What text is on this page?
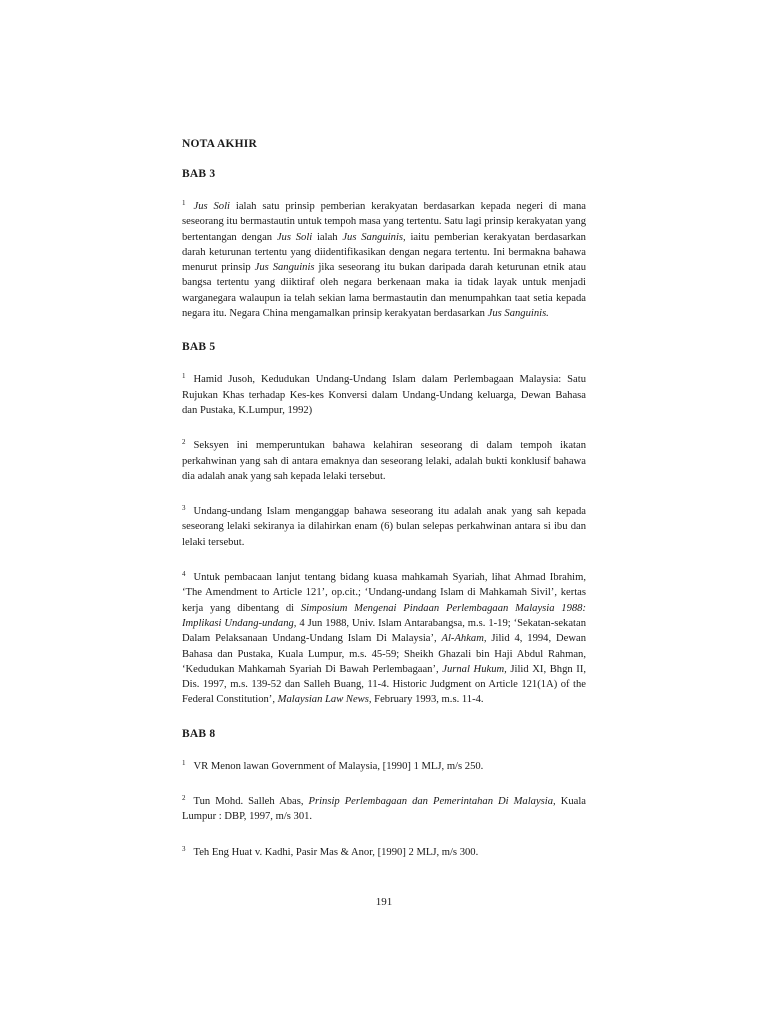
NOTA AKHIR
BAB 3

$^1$ Jus Soli ialah satu prinsip pemberian kerakyatan berdasarkan kepada negeri di mana seseorang itu bermastautin untuk tempoh masa yang tertentu. Satu lagi prinsip kerakyatan yang bertentangan dengan Jus Soli ialah Jus Sanguinis, iaitu pemberian kerakyatan berdasarkan darah keturunan tertentu yang diidentifikasikan dengan negara tertentu. Ini bermakna bahawa menurut prinsip Jus Sanguinis jika seseorang itu bukan daripada darah keturunan etnik atau bangsa tertentu yang diiktiraf oleh negara berkenaan maka ia tidak layak untuk menjadi warganegara walaupun ia telah sekian lama bermastautin dan menumpahkan taat setia kepada negara itu. Negara China mengamalkan prinsip kerakyatan berdasarkan Jus Sanguinis.

BAB 5

$^1$ Hamid Jusoh, Kedudukan Undang-Undang Islam dalam Perlembagaan Malaysia: Satu Rujukan Khas terhadap Kes-kes Konversi dalam Undang-Undang keluarga, Dewan Bahasa dan Pustaka, K.Lumpur, 1992)

$^2$ Seksyen ini memperuntukan bahawa kelahiran seseorang di dalam tempoh ikatan perkahwinan yang sah di antara emaknya dan seseorang lelaki, adalah bukti konklusif bahawa dia adalah anak yang sah kepada lelaki tersebut.

$^3$ Undang-undang Islam menganggap bahawa seseorang itu adalah anak yang sah kepada seseorang lelaki sekiranya ia dilahirkan enam (6) bulan selepas perkahwinan antara si ibu dan lelaki tersebut.

$^4$ Untuk pembacaan lanjut tentang bidang kuasa mahkamah Syariah, lihat Ahmad Ibrahim, ‘The Amendment to Article 121’, op.cit.; ‘Undang-undang Islam di Mahkamah Sivil’, kertas kerja yang dibentang di Simposium Mengenai Pindaan Perlembagaan Malaysia 1988: Implikasi Undang-undang, 4 Jun 1988, Univ. Islam Antarabangsa, m.s. 1-19; ‘Sekatan-sekatan Dalam Pelaksanaan Undang-Undang Islam Di Malaysia’, Al-Ahkam, Jilid 4, 1994, Dewan Bahasa dan Pustaka, Kuala Lumpur, m.s. 45-59; Sheikh Ghazali bin Haji Abdul Rahman, ‘Kedudukan Mahkamah Syariah Di Bawah Perlembagaan’, Jurnal Hukum, Jilid XI, Bhgn II, Dis. 1997, m.s. 139-52 dan Salleh Buang, 11-4. Historic Judgment on Article 121(1A) of the Federal Constitution’, Malaysian Law News, February 1993, m.s. 11-4.

BAB 8

$^1$ VR Menon lawan Government of Malaysia, [1990] 1 MLJ, m/s 250.

$^2$ Tun Mohd. Salleh Abas, Prinsip Perlembagaan dan Pemerintahan Di Malaysia, Kuala Lumpur : DBP, 1997, m/s 301.

$^3$ Teh Eng Huat v. Kadhi, Pasir Mas & Anor, [1990] 2 MLJ, m/s 300.

191
